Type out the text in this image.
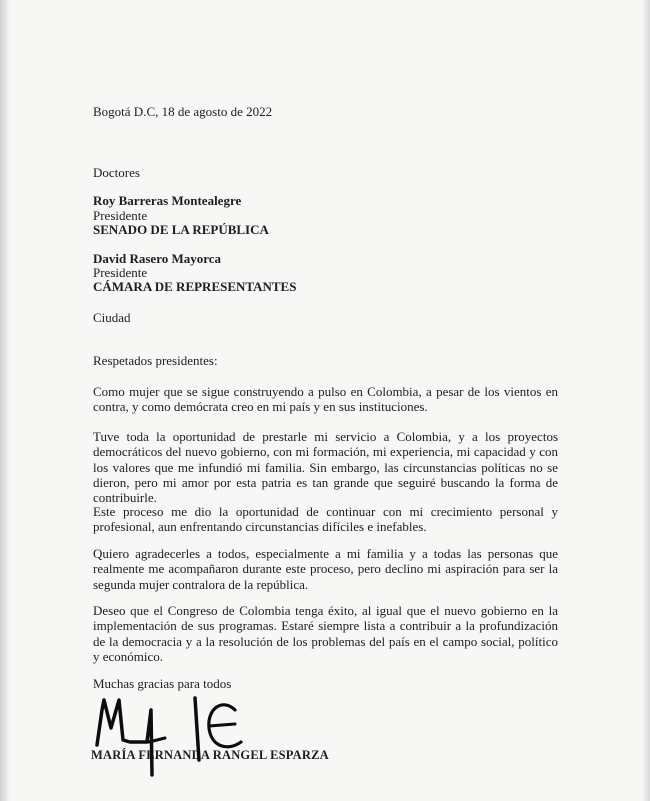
Bogotá D.C, 18 de agosto de 2022

Doctores

Roy Barreras Montealegre

Presidente

SENADO DE LA REPÚBLICA

David Rasero Mayorca

Presidente

CÁMARA DE REPRESENTANTES

Ciudad

Respetados presidentes:

Como mujer que se sigue construyendo a pulso en Colombia, a pesar de los vientos en contra, y como demócrata creo en mi país y en sus instituciones.

Tuve toda la oportunidad de prestarle mi servicio a Colombia, y a los proyectos democráticos del nuevo gobierno, con mi formación, mi experiencia, mi capacidad y con los valores que me infundió mi familia. Sin embargo, las circunstancias políticas no se dieron, pero mi amor por esta patria es tan grande que seguiré buscando la forma de contribuirle.

Este proceso me dio la oportunidad de continuar con mi crecimiento personal y profesional, aun enfrentando circunstancias difíciles e inefables.

Quiero agradecerles a todos, especialmente a mi familia y a todas las personas que realmente me acompañaron durante este proceso, pero declino mi aspiración para ser la segunda mujer contralora de la república.

Deseo que el Congreso de Colombia tenga éxito, al igual que el nuevo gobierno en la implementación de sus programas. Estaré siempre lista a contribuir a la profundización de la democracia y a la resolución de los problemas del país en el campo social, político y económico.

Muchas gracias para todos

MARÍA FERNANDA RANGEL ESPARZA
